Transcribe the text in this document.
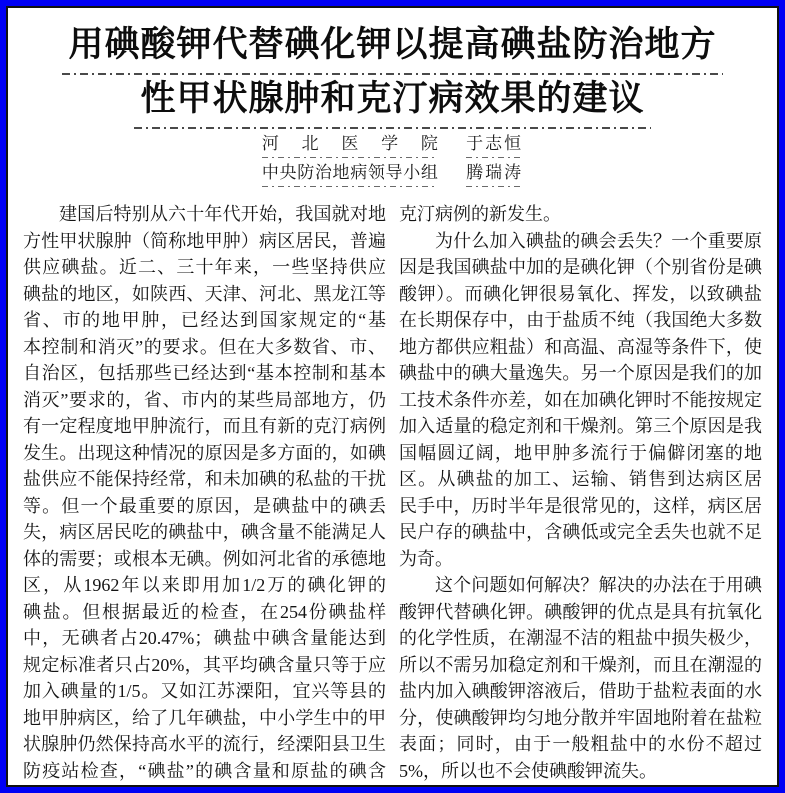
用碘酸钾代替碘化钾以提高碘盐防治地方
性甲状腺肿和克汀病效果的建议
河北医学院 于志恒
中央防治地病领导小组 腾瑞涛
建国后特别从六十年代开始，我国就对地
方性甲状腺肿（简称地甲肿）病区居民，普遍
供应碘盐。近二、三十年来，一些坚持供应
碘盐的地区，如陕西、天津、河北、黑龙江等
省、市的地甲肿，已经达到国家规定的“基
本控制和消灭”的要求。但在大多数省、市、
自治区，包括那些已经达到“基本控制和基本
消灭”要求的，省、市内的某些局部地方，仍
有一定程度地甲肿流行，而且有新的克汀病例
发生。出现这种情况的原因是多方面的，如碘
盐供应不能保持经常，和未加碘的私盐的干扰
等。但一个最重要的原因，是碘盐中的碘丢
失，病区居民吃的碘盐中，碘含量不能满足人
体的需要；或根本无碘。例如河北省的承德地
区，从1962年以来即用加1/2万的碘化钾的
碘盐。但根据最近的检查，在254份碘盐样
中，无碘者占20.47%；碘盐中碘含量能达到
规定标准者只占20%，其平均碘含量只等于应
加入碘量的1/5。又如江苏溧阳，宜兴等县的
地甲肿病区，给了几年碘盐，中小学生中的甲
状腺肿仍然保持高水平的流行，经溧阳县卫生
防疫站检查，“碘盐”的碘含量和原盐的碘含
克汀病例的新发生。
为什么加入碘盐的碘会丢失？一个重要原
因是我国碘盐中加的是碘化钾（个别省份是碘
酸钾）。而碘化钾很易氧化、挥发，以致碘盐
在长期保存中，由于盐质不纯（我国绝大多数
地方都供应粗盐）和高温、高湿等条件下，使
碘盐中的碘大量逸失。另一个原因是我们的加
工技术条件亦差，如在加碘化钾时不能按规定
加入适量的稳定剂和干燥剂。第三个原因是我
国幅圆辽阔，地甲肿多流行于偏僻闭塞的地
区。从碘盐的加工、运输、销售到达病区居
民手中，历时半年是很常见的，这样，病区居
民户存的碘盐中，含碘低或完全丢失也就不足
为奇。
这个问题如何解决？解决的办法在于用碘
酸钾代替碘化钾。碘酸钾的优点是具有抗氧化
的化学性质，在潮湿不洁的粗盐中损失极少，
所以不需另加稳定剂和干燥剂，而且在潮湿的
盐内加入碘酸钾溶液后，借助于盐粒表面的水
分，使碘酸钾均匀地分散并牢固地附着在盐粒
表面；同时，由于一般粗盐中的水份不超过
5%，所以也不会使碘酸钾流失。
